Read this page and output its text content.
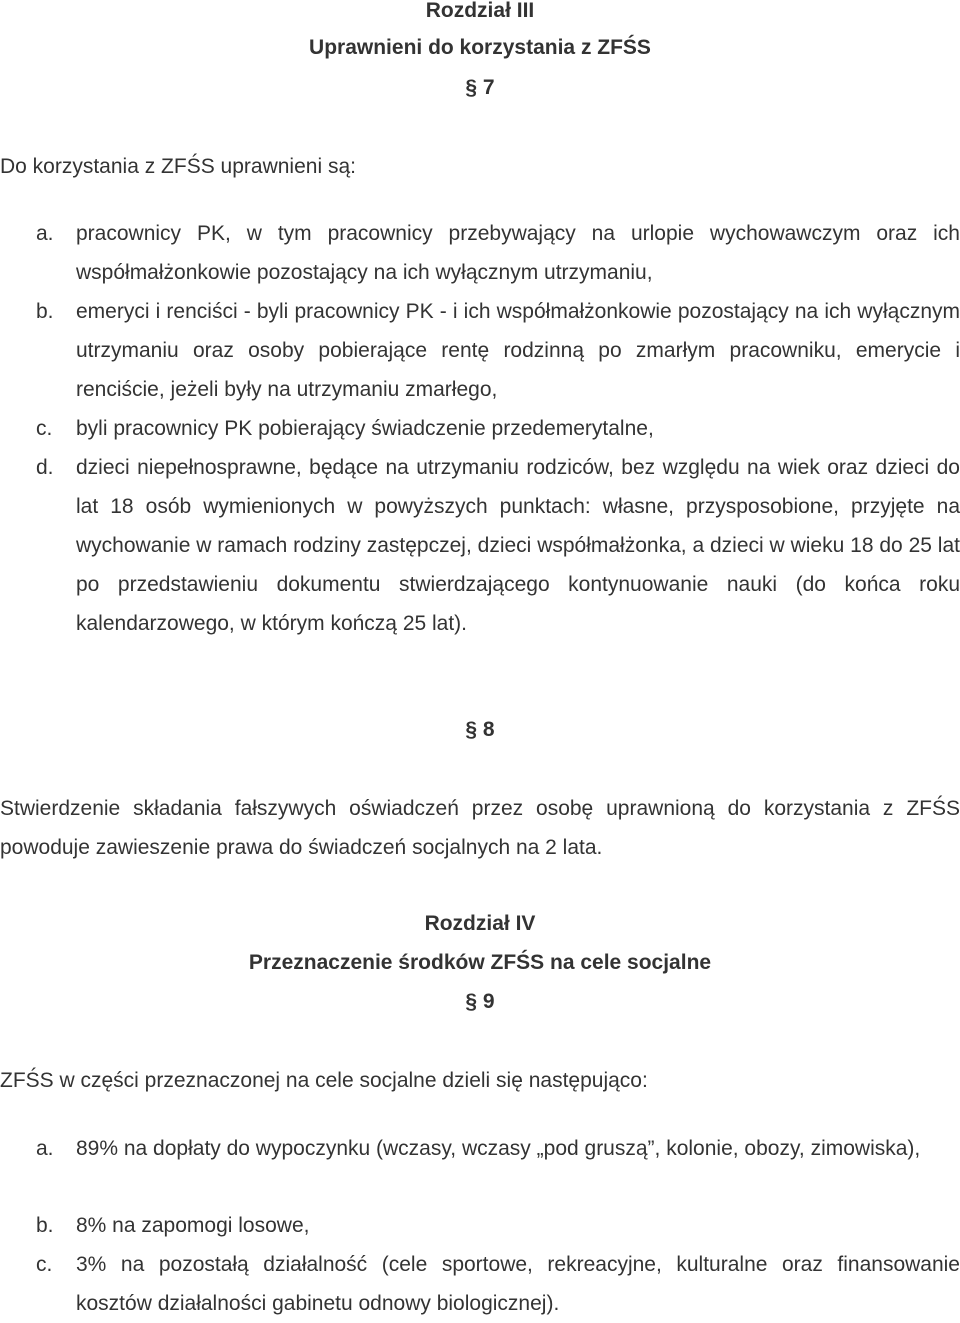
Rozdział III
Uprawnieni do korzystania z ZFŚS
§ 7
Do korzystania z ZFŚS uprawnieni są:
a.	pracownicy PK, w tym pracownicy przebywający na urlopie wychowawczym oraz ich współmałżonkowie pozostający na ich wyłącznym utrzymaniu,
b.	emeryci i renciści - byli pracownicy PK - i ich współmałżonkowie pozostający na ich wyłącznym utrzymaniu oraz osoby pobierające rentę rodzinną po zmarłym pracowniku, emerycie i renciście, jeżeli były na utrzymaniu zmarłego,
c.	byli pracownicy PK pobierający świadczenie przedemerytalne,
d.	dzieci niepełnosprawne, będące na utrzymaniu rodziców, bez względu na wiek oraz dzieci do lat 18 osób wymienionych w powyższych punktach: własne, przysposobione, przyjęte na wychowanie w ramach rodziny zastępczej, dzieci współmałżonka, a dzieci w wieku 18 do 25 lat po przedstawieniu dokumentu stwierdzającego kontynuowanie nauki (do końca roku kalendarzowego, w którym kończą 25 lat).
§ 8
Stwierdzenie składania fałszywych oświadczeń przez osobę uprawnioną do korzystania z ZFŚS powoduje zawieszenie prawa do świadczeń socjalnych na 2 lata.
Rozdział IV
Przeznaczenie środków ZFŚS na cele socjalne
§ 9
ZFŚS w części przeznaczonej na cele socjalne dzieli się następująco:
a.	89% na dopłaty do wypoczynku (wczasy, wczasy „pod gruszą”, kolonie, obozy, zimowiska),
b.	8% na zapomogi losowe,
c.	3% na pozostałą działalność (cele sportowe, rekreacyjne, kulturalne oraz finansowanie kosztów działalności gabinetu odnowy biologicznej).
